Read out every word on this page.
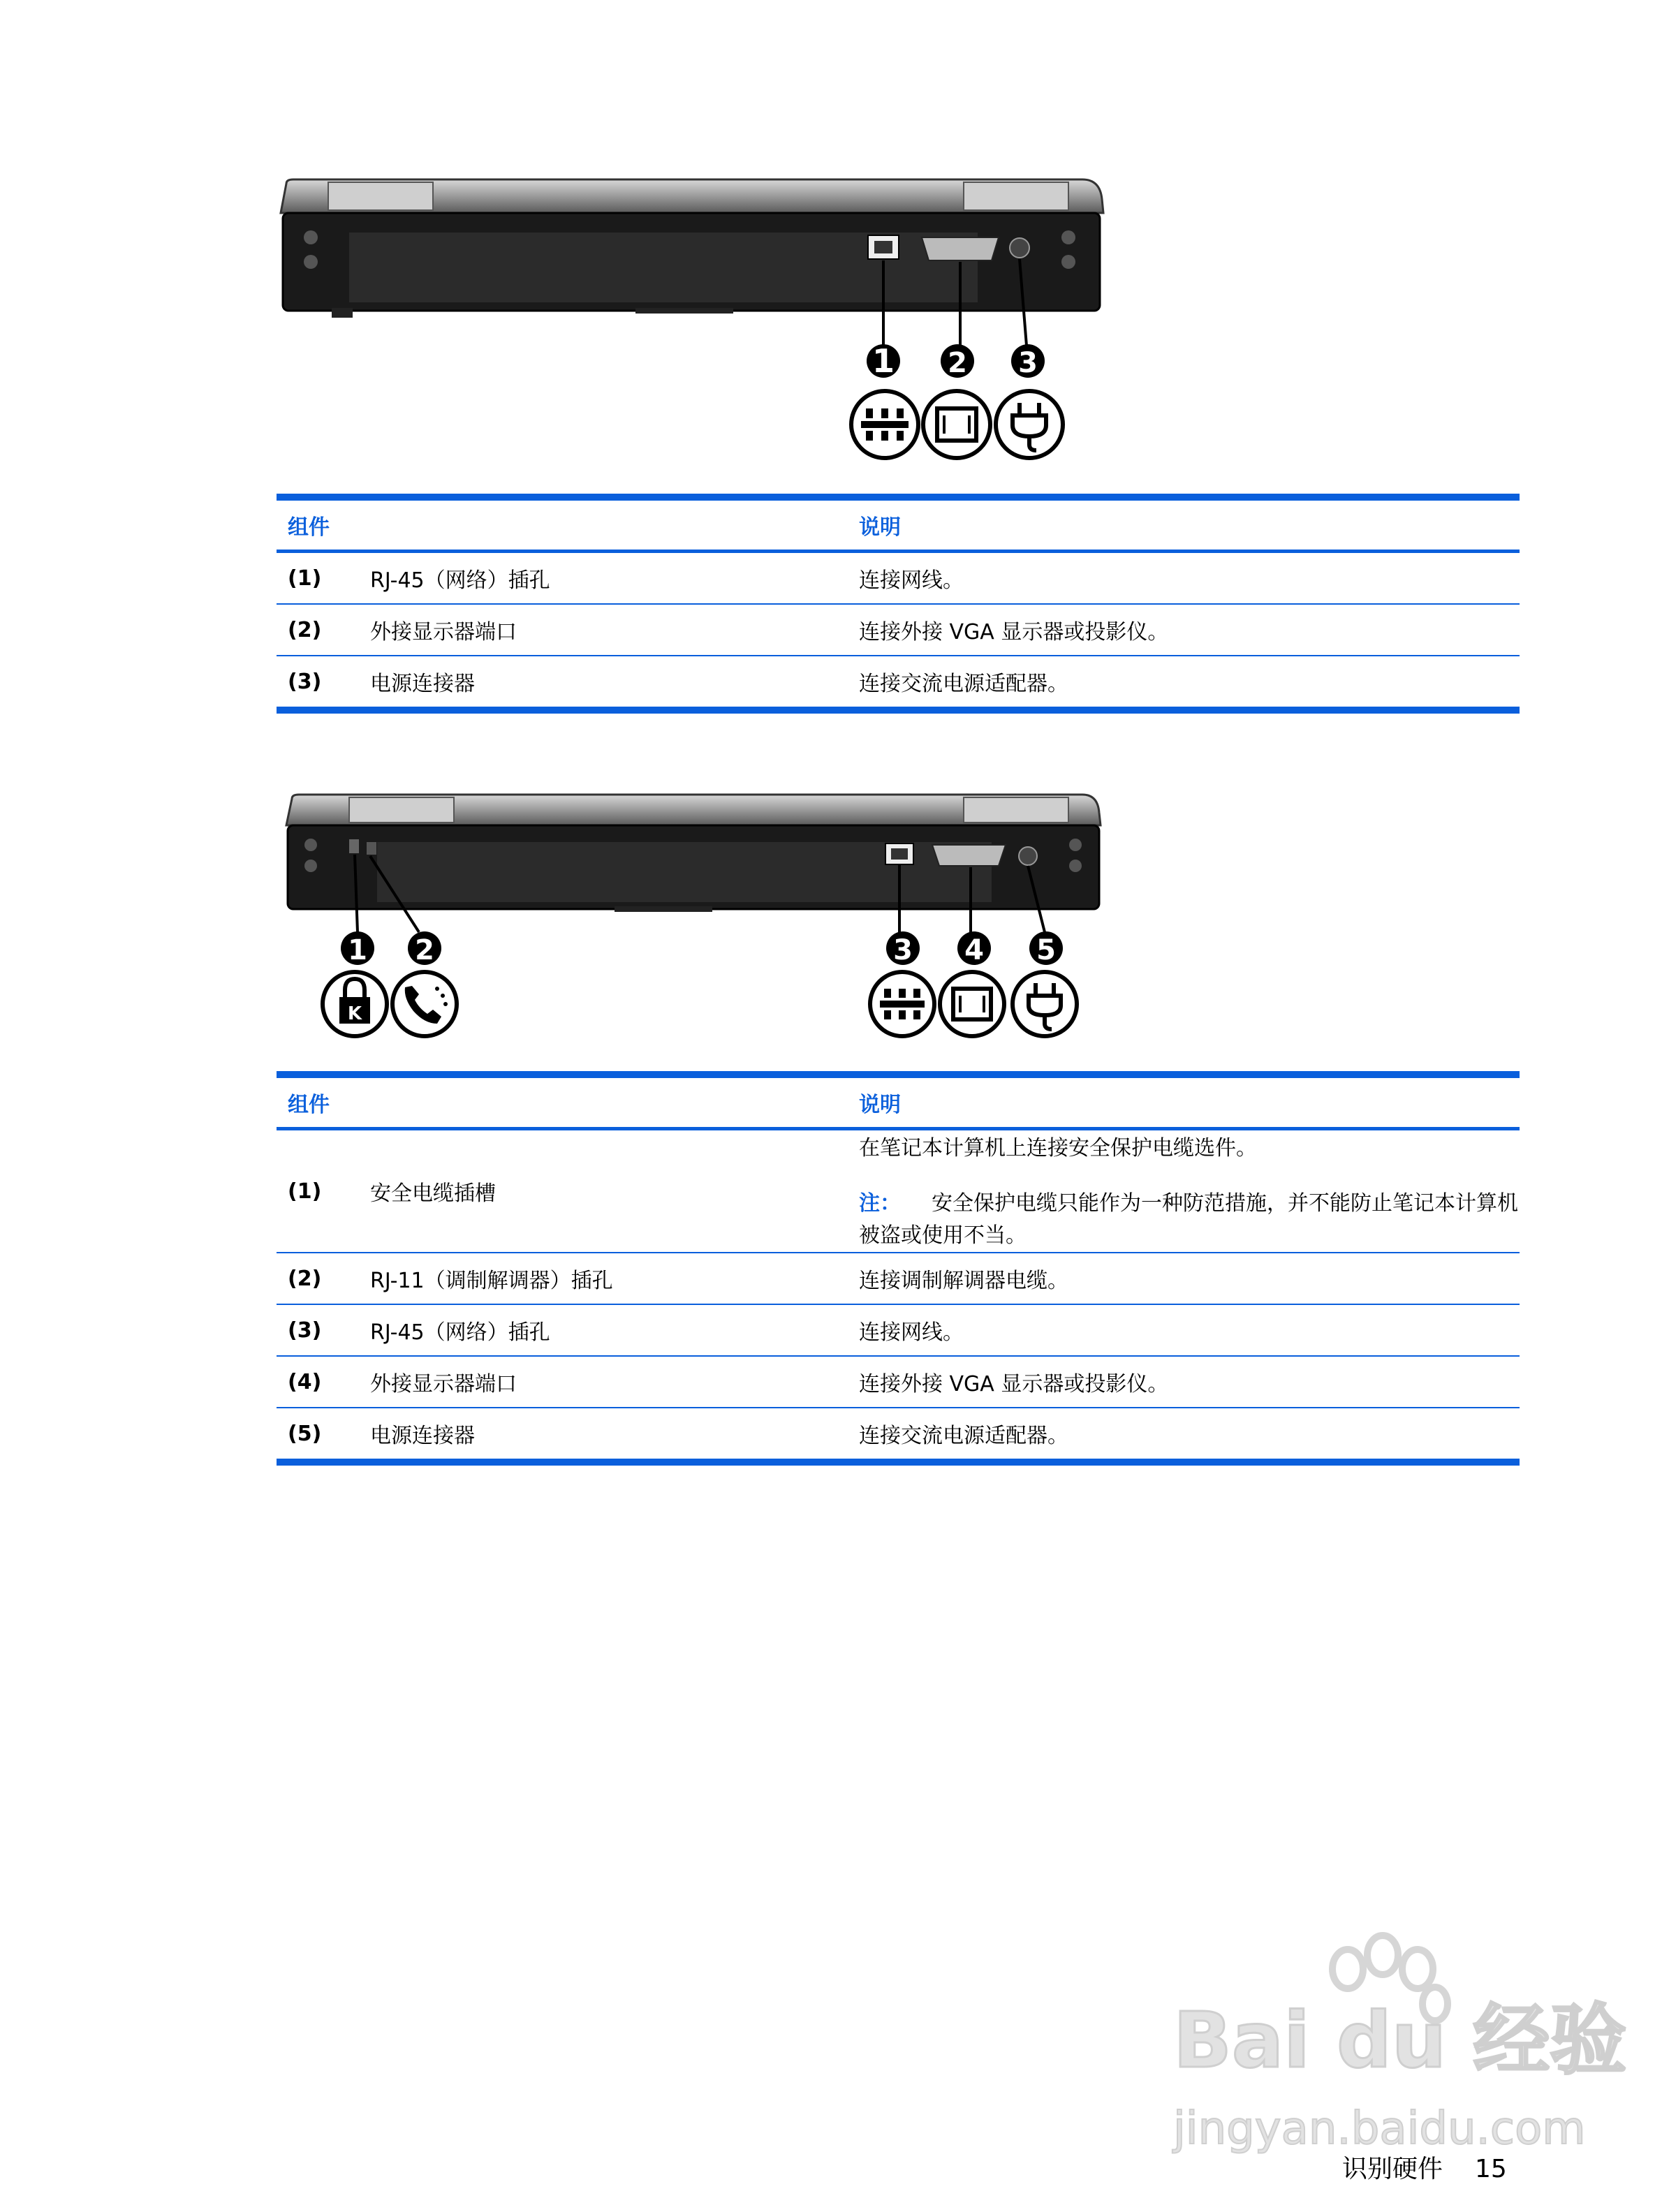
1 2 3
组件		说明
(1)	RJ-45（网络）插孔	连接网线。
(2)	外接显示器端口	连接外接 VGA 显示器或投影仪。
(3)	电源连接器	连接交流电源适配器。
1 2	3 4 5
K
组件		说明
(1)	安全电缆插槽	在笔记本计算机上连接安全保护电缆选件。
注： 安全保护电缆只能作为一种防范措施，并不能防止笔记本计算机被盗或使用不当。

(2)	RJ-11（调制解调器）插孔	连接调制解调器电缆。
(3)	RJ-45（网络）插孔	连接网线。
(4)	外接显示器端口	连接外接 VGA 显示器或投影仪。
(5)	电源连接器	连接交流电源适配器。
Bai du 经验
jingyan.baidu.com
识别硬件 15
